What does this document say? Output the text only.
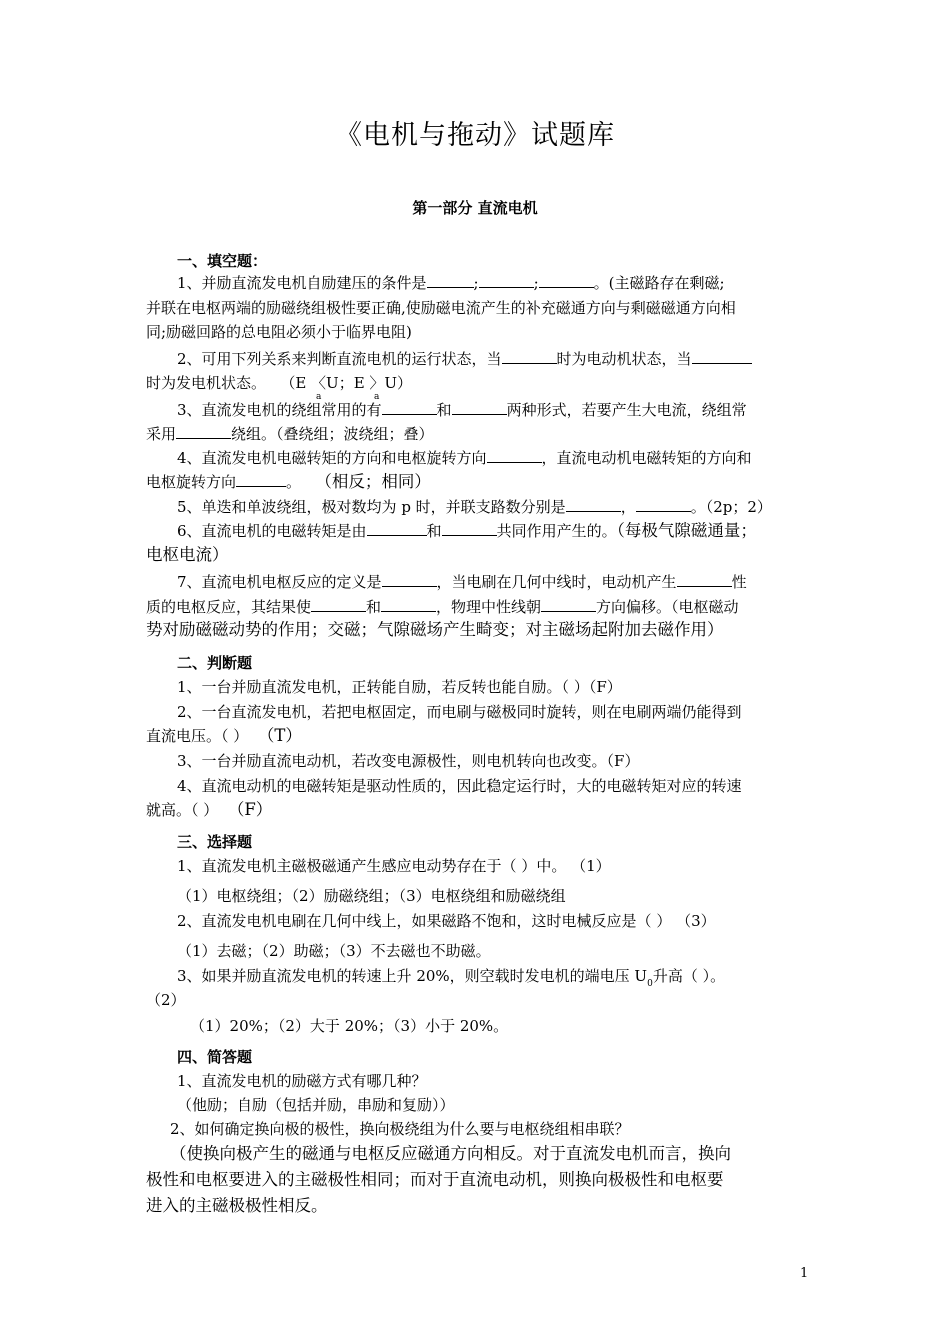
《电机与拖动》试题库
第一部分 直流电机
一、填空题：
1、并励直流发电机自励建压的条件是	;	;	。(主磁路存在剩磁;
并联在电枢两端的励磁绕组极性要正确,使励磁电流产生的补充磁通方向与剩磁磁通方向相
同;励磁回路的总电阻必须小于临界电阻)
2、可用下列关系来判断直流电机的运行状态，当	时为电动机状态，当
时为发电机状态。 （E 〈U；E 〉U）
a	a
3、直流发电机的绕组常用的有	和	两种形式，若要产生大电流，绕组常
采用	绕组。（叠绕组；波绕组；叠）
4、直流发电机电磁转矩的方向和电枢旋转方向	，直流电动机电磁转矩的方向和
电枢旋转方向	。 （相反；相同）
5、单迭和单波绕组，极对数均为 p 时，并联支路数分别是	，	。（2p；2）
6、直流电机的电磁转矩是由	和	共同作用产生的。（每极气隙磁通量；
电枢电流）
7、直流电机电枢反应的定义是	，当电刷在几何中线时，电动机产生	性
质的电枢反应，其结果使	和	，物理中性线朝	方向偏移。（电枢磁动
势对励磁磁动势的作用；交磁；气隙磁场产生畸变；对主磁场起附加去磁作用）
二、判断题
1、一台并励直流发电机，正转能自励，若反转也能自励。（ ）（F）
2、一台直流发电机，若把电枢固定，而电刷与磁极同时旋转，则在电刷两端仍能得到
直流电压。（ ） （T）
3、一台并励直流电动机，若改变电源极性，则电机转向也改变。（F）
4、直流电动机的电磁转矩是驱动性质的，因此稳定运行时，大的电磁转矩对应的转速
就高。（ ） （F）
三、选择题
1、直流发电机主磁极磁通产生感应电动势存在于（ ）中。 （1）
（1）电枢绕组；（2）励磁绕组；（3）电枢绕组和励磁绕组
2、直流发电机电刷在几何中线上，如果磁路不饱和，这时电械反应是（ ） （3）
（1）去磁；（2）助磁；（3）不去磁也不助磁。
3、如果并励直流发电机的转速上升 20%，则空载时发电机的端电压 $U_0$升高（ ）。
（2）
（1）20%；（2）大于 20%；（3）小于 20%。
四、简答题
1、直流发电机的励磁方式有哪几种？
（他励；自励（包括并励，串励和复励））
2、如何确定换向极的极性，换向极绕组为什么要与电枢绕组相串联？
（使换向极产生的磁通与电枢反应磁通方向相反。对于直流发电机而言，换向
极性和电枢要进入的主磁极性相同；而对于直流电动机，则换向极极性和电枢要
进入的主磁极极性相反。
1
